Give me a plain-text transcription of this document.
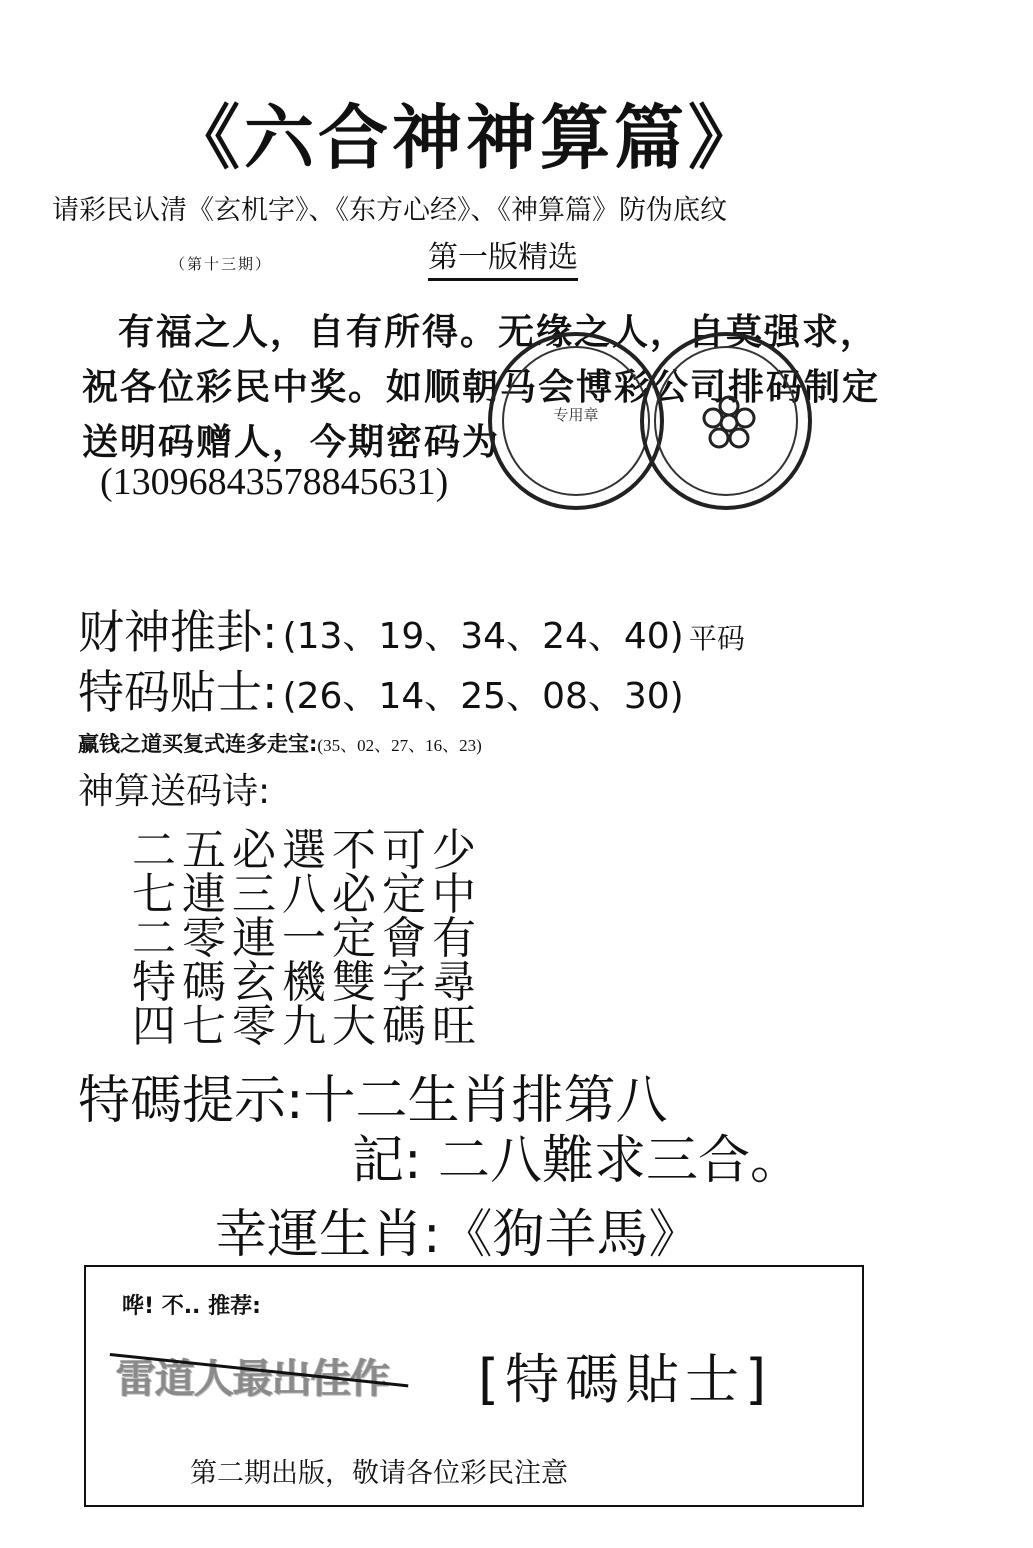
《六合神神算篇》
请彩民认清《玄机字》、《东方心经》、《神算篇》防伪底纹
（第十三期）	第一版精选
有福之人，自有所得。无缘之人，自莫强求，祝各位彩民中奖。如顺朝马会博彩公司排码制定送明码赠人，今期密码为
(13096843578845631)
专用章
财神推卦: (13、19、34、24、40) 平码
特码贴士: (26、14、25、08、30)
赢钱之道买复式连多走宝:(35、02、27、16、23)
神算送码诗:
二五必選不可少
七連三八必定中
二零連一定會有
特碼玄機雙字尋
四七零九大碼旺
特碼提示:十二生肖排第八
記: 二八難求三合。
幸運生肖:《狗羊馬》
哗! 不.. 推荐:
雷道人最出佳作 [特碼貼士]
第二期出版，敬请各位彩民注意
